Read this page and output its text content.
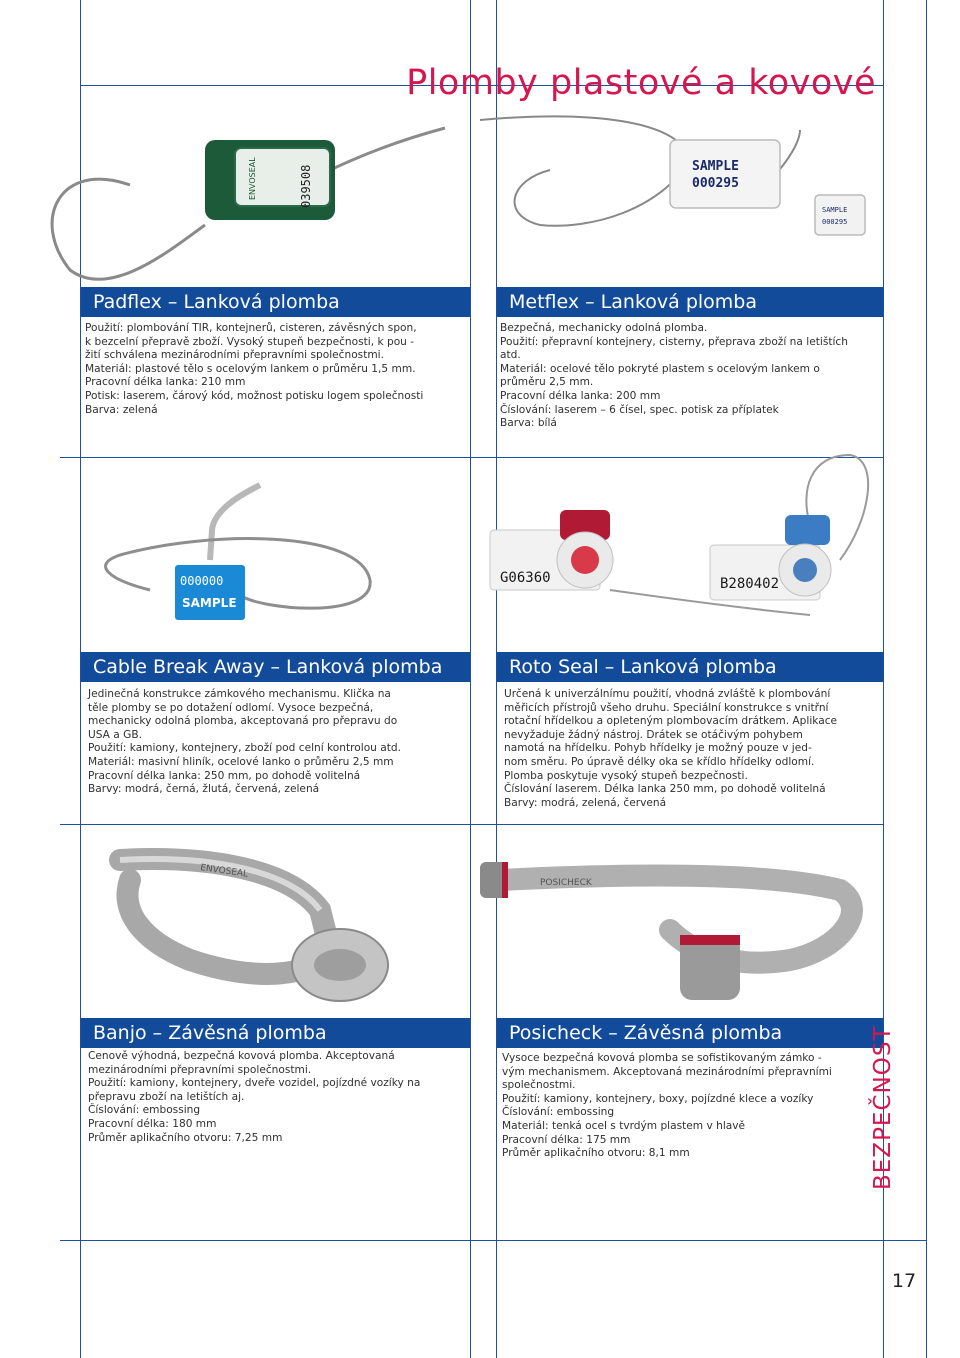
Plomby plastové a kovové
ENVOSEAL	039508	SAMPLE
000295
SAMPLE
000295
Padflex – Lanková plomba	Metflex – Lanková plomba
Použití: plombování TIR, kontejnerů, cisteren, závěsných spon,
k bezcelní přepravě zboží. Vysoký stupeň bezpečnosti, k pou -
žití schválena mezinárodními přepravními společnostmi.
Materiál: plastové tělo s ocelovým lankem o průměru 1,5 mm.
Pracovní délka lanka: 210 mm
Potisk: laserem, čárový kód, možnost potisku logem společnosti
Barva: zelená
Bezpečná, mechanicky odolná plomba.
Použití: přepravní kontejnery, cisterny, přeprava zboží na letištích
atd.
Materiál: ocelové tělo pokryté plastem s ocelovým lankem o
průměru 2,5 mm.
Pracovní délka lanka: 200 mm
Číslování: laserem – 6 čísel, spec. potisk za příplatek
Barva: bílá
000000
SAMPLE
G06360	B280402
Cable Break Away – Lanková plomba	Roto Seal – Lanková plomba
Jedinečná konstrukce zámkového mechanismu. Klička na
těle plomby se po dotažení odlomí. Vysoce bezpečná,
mechanicky odolná plomba, akceptovaná pro přepravu do
USA a GB.
Použití: kamiony, kontejnery, zboží pod celní kontrolou atd.
Materiál: masivní hliník, ocelové lanko o průměru 2,5 mm
Pracovní délka lanka: 250 mm, po dohodě volitelná
Barvy: modrá, černá, žlutá, červená, zelená
Určená k univerzálnímu použití, vhodná zvláště k plombování
měřicích přístrojů všeho druhu. Speciální konstrukce s vnitřní
rotační hřídelkou a opleteným plombovacím drátkem. Aplikace
nevyžaduje žádný nástroj. Drátek se otáčivým pohybem
namotá na hřídelku. Pohyb hřídelky je možný pouze v jed-
nom směru. Po úpravě délky oka se křídlo hřídelky odlomí.
Plomba poskytuje vysoký stupeň bezpečnosti.
Číslování laserem. Délka lanka 250 mm, po dohodě volitelná
Barvy: modrá, zelená, červená
ENVOSEAL
POSICHECK
Banjo – Závěsná plomba	Posicheck – Závěsná plomba
Cenově výhodná, bezpečná kovová plomba. Akceptovaná
mezinárodními přepravními společnostmi.
Použití: kamiony, kontejnery, dveře vozidel, pojízdné vozíky na
přepravu zboží na letištích aj.
Číslování: embossing
Pracovní délka: 180 mm
Průměr aplikačního otvoru: 7,25 mm
Vysoce bezpečná kovová plomba se sofistikovaným zámko -
vým mechanismem. Akceptovaná mezinárodními přepravními
společnostmi.
Použití: kamiony, kontejnery, boxy, pojízdné klece a vozíky
Číslování: embossing
Materiál: tenká ocel s tvrdým plastem v hlavě
Pracovní délka: 175 mm
Průměr aplikačního otvoru: 8,1 mm	BEZPEČNOST
17
